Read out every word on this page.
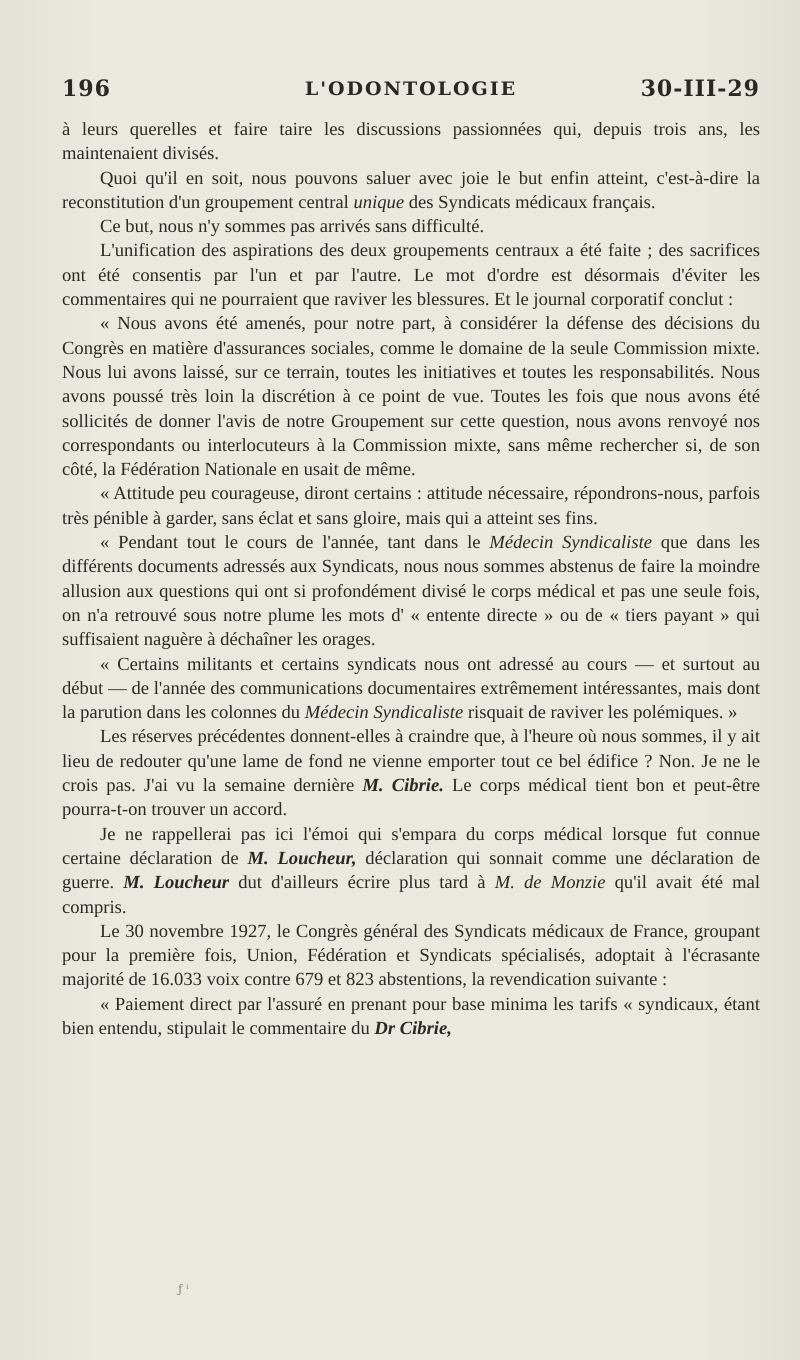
196	L'ODONTOLOGIE	30-III-29

à leurs querelles et faire taire les discussions passionnées qui, depuis trois ans, les maintenaient divisés.

Quoi qu'il en soit, nous pouvons saluer avec joie le but enfin atteint, c'est-à-dire la reconstitution d'un groupement central unique des Syndicats médicaux français.

Ce but, nous n'y sommes pas arrivés sans difficulté.

L'unification des aspirations des deux groupements centraux a été faite ; des sacrifices ont été consentis par l'un et par l'autre. Le mot d'ordre est désormais d'éviter les commentaires qui ne pourraient que raviver les blessures. Et le journal corporatif conclut :

« Nous avons été amenés, pour notre part, à considérer la défense des décisions du Congrès en matière d'assurances sociales, comme le domaine de la seule Commission mixte. Nous lui avons laissé, sur ce terrain, toutes les initiatives et toutes les responsabilités. Nous avons poussé très loin la discrétion à ce point de vue. Toutes les fois que nous avons été sollicités de donner l'avis de notre Groupement sur cette question, nous avons renvoyé nos correspondants ou interlocuteurs à la Commission mixte, sans même rechercher si, de son côté, la Fédération Nationale en usait de même.

« Attitude peu courageuse, diront certains : attitude nécessaire, répondrons-nous, parfois très pénible à garder, sans éclat et sans gloire, mais qui a atteint ses fins.

« Pendant tout le cours de l'année, tant dans le Médecin Syndicaliste que dans les différents documents adressés aux Syndicats, nous nous sommes abstenus de faire la moindre allusion aux questions qui ont si profondément divisé le corps médical et pas une seule fois, on n'a retrouvé sous notre plume les mots d' « entente directe » ou de « tiers payant » qui suffisaient naguère à déchaîner les orages.

« Certains militants et certains syndicats nous ont adressé au cours — et surtout au début — de l'année des communications documentaires extrêmement intéressantes, mais dont la parution dans les colonnes du Médecin Syndicaliste risquait de raviver les polémiques. »

Les réserves précédentes donnent-elles à craindre que, à l'heure où nous sommes, il y ait lieu de redouter qu'une lame de fond ne vienne emporter tout ce bel édifice ? Non. Je ne le crois pas. J'ai vu la semaine dernière M. Cibrie. Le corps médical tient bon et peut-être pourra-t-on trouver un accord.

Je ne rappellerai pas ici l'émoi qui s'empara du corps médical lorsque fut connue certaine déclaration de M. Loucheur, déclaration qui sonnait comme une déclaration de guerre. M. Loucheur dut d'ailleurs écrire plus tard à M. de Monzie qu'il avait été mal compris.

Le 30 novembre 1927, le Congrès général des Syndicats médicaux de France, groupant pour la première fois, Union, Fédération et Syndicats spécialisés, adoptait à l'écrasante majorité de 16.033 voix contre 679 et 823 abstentions, la revendication suivante :

« Paiement direct par l'assuré en prenant pour base minima les tarifs « syndicaux, étant bien entendu, stipulait le commentaire du Dr Cibrie,

ƒ ⁱ
